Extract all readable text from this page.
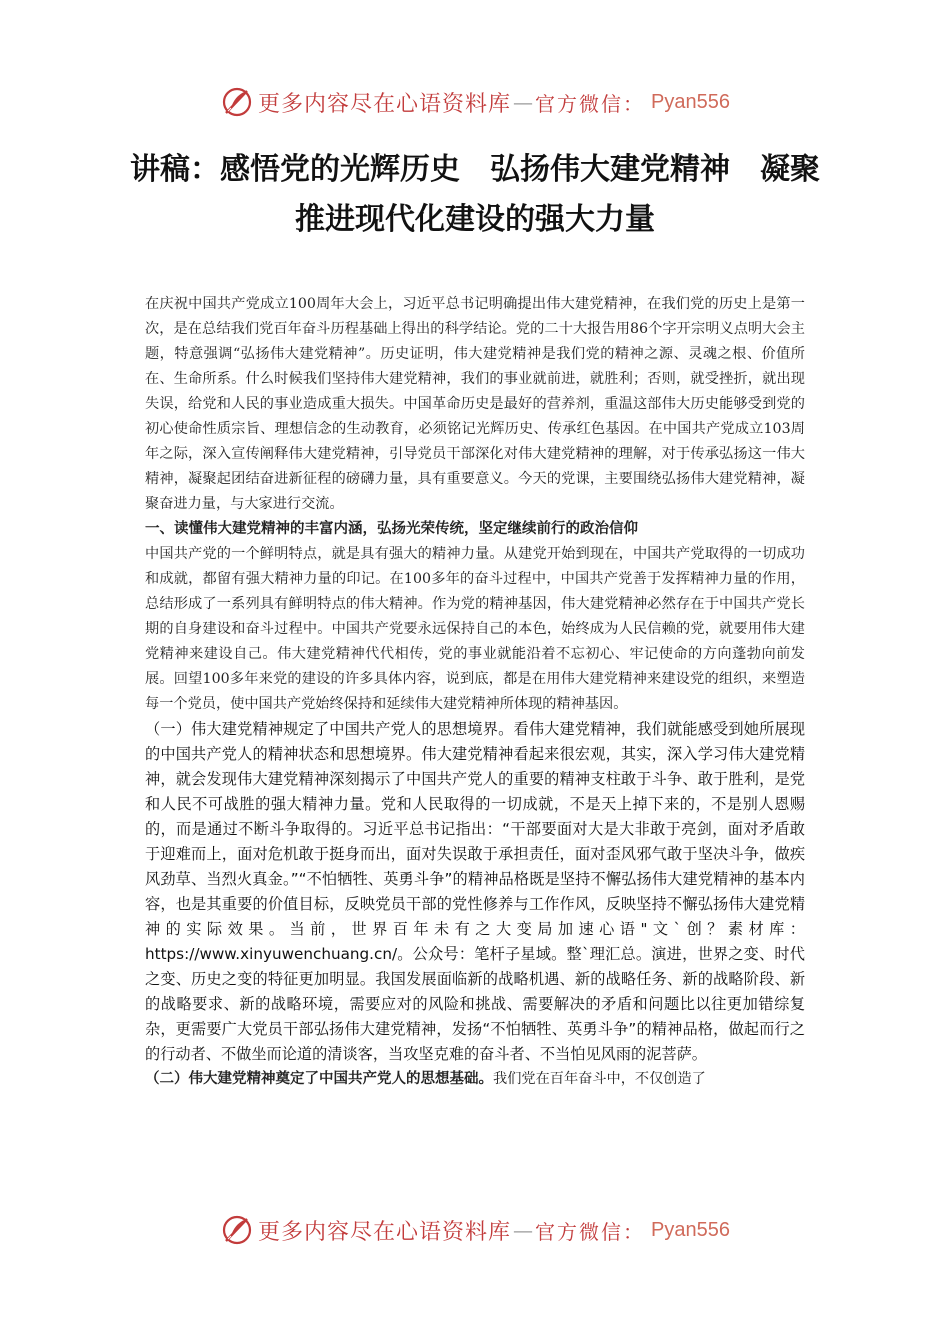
更多内容尽在心语资料库 — 官方微信： Pyan556
讲稿：感悟党的光辉历史　弘扬伟大建党精神　凝聚
推进现代化建设的强大力量

在庆祝中国共产党成立100周年大会上，习近平总书记明确提出伟大建党精神，在我们党的历史上是第一次，是在总结我们党百年奋斗历程基础上得出的科学结论。党的二十大报告用86个字开宗明义点明大会主题，特意强调“弘扬伟大建党精神”。历史证明，伟大建党精神是我们党的精神之源、灵魂之根、价值所在、生命所系。什么时候我们坚持伟大建党精神，我们的事业就前进，就胜利；否则，就受挫折，就出现失误，给党和人民的事业造成重大损失。中国革命历史是最好的营养剂，重温这部伟大历史能够受到党的初心使命性质宗旨、理想信念的生动教育，必须铭记光辉历史、传承红色基因。在中国共产党成立103周年之际，深入宣传阐释伟大建党精神，引导党员干部深化对伟大建党精神的理解，对于传承弘扬这一伟大精神，凝聚起团结奋进新征程的磅礴力量，具有重要意义。今天的党课，主要围绕弘扬伟大建党精神，凝聚奋进力量，与大家进行交流。

一、读懂伟大建党精神的丰富内涵，弘扬光荣传统，坚定继续前行的政治信仰

中国共产党的一个鲜明特点，就是具有强大的精神力量。从建党开始到现在，中国共产党取得的一切成功和成就，都留有强大精神力量的印记。在100多年的奋斗过程中，中国共产党善于发挥精神力量的作用，总结形成了一系列具有鲜明特点的伟大精神。作为党的精神基因，伟大建党精神必然存在于中国共产党长期的自身建设和奋斗过程中。中国共产党要永远保持自己的本色，始终成为人民信赖的党，就要用伟大建党精神来建设自己。伟大建党精神代代相传，党的事业就能沿着不忘初心、牢记使命的方向蓬勃向前发展。回望100多年来党的建设的许多具体内容，说到底，都是在用伟大建党精神来建设党的组织，来塑造每一个党员，使中国共产党始终保持和延续伟大建党精神所体现的精神基因。

（一）伟大建党精神规定了中国共产党人的思想境界。看伟大建党精神，我们就能感受到她所展现的中国共产党人的精神状态和思想境界。伟大建党精神看起来很宏观，其实，深入学习伟大建党精神，就会发现伟大建党精神深刻揭示了中国共产党人的重要的精神支柱敢于斗争、敢于胜利，是党和人民不可战胜的强大精神力量。党和人民取得的一切成就，不是天上掉下来的，不是别人恩赐的，而是通过不断斗争取得的。习近平总书记指出：“干部要面对大是大非敢于亮剑，面对矛盾敢于迎难而上，面对危机敢于挺身而出，面对失误敢于承担责任，面对歪风邪气敢于坚决斗争，做疾风劲草、当烈火真金。”“不怕牺牲、英勇斗争”的精神品格既是坚持不懈弘扬伟大建党精神的基本内容，也是其重要的价值目标，反映党员干部的党性修养与工作作风，反映坚持不懈弘扬伟大建党精神的实际效果。当前，世界百年未有之大变局加速心语"文`创？素材库：https://www.xinyuwenchuang.cn/。公众号：笔杆子星域。整`理汇总。演进，世界之变、时代之变、历史之变的特征更加明显。我国发展面临新的战略机遇、新的战略任务、新的战略阶段、新的战略要求、新的战略环境，需要应对的风险和挑战、需要解决的矛盾和问题比以往更加错综复杂，更需要广大党员干部弘扬伟大建党精神，发扬“不怕牺牲、英勇斗争”的精神品格，做起而行之的行动者、不做坐而论道的清谈客，当攻坚克难的奋斗者、不当怕见风雨的泥菩萨。

（二）伟大建党精神奠定了中国共产党人的思想基础。我们党在百年奋斗中，不仅创造了

更多内容尽在心语资料库 — 官方微信： Pyan556
